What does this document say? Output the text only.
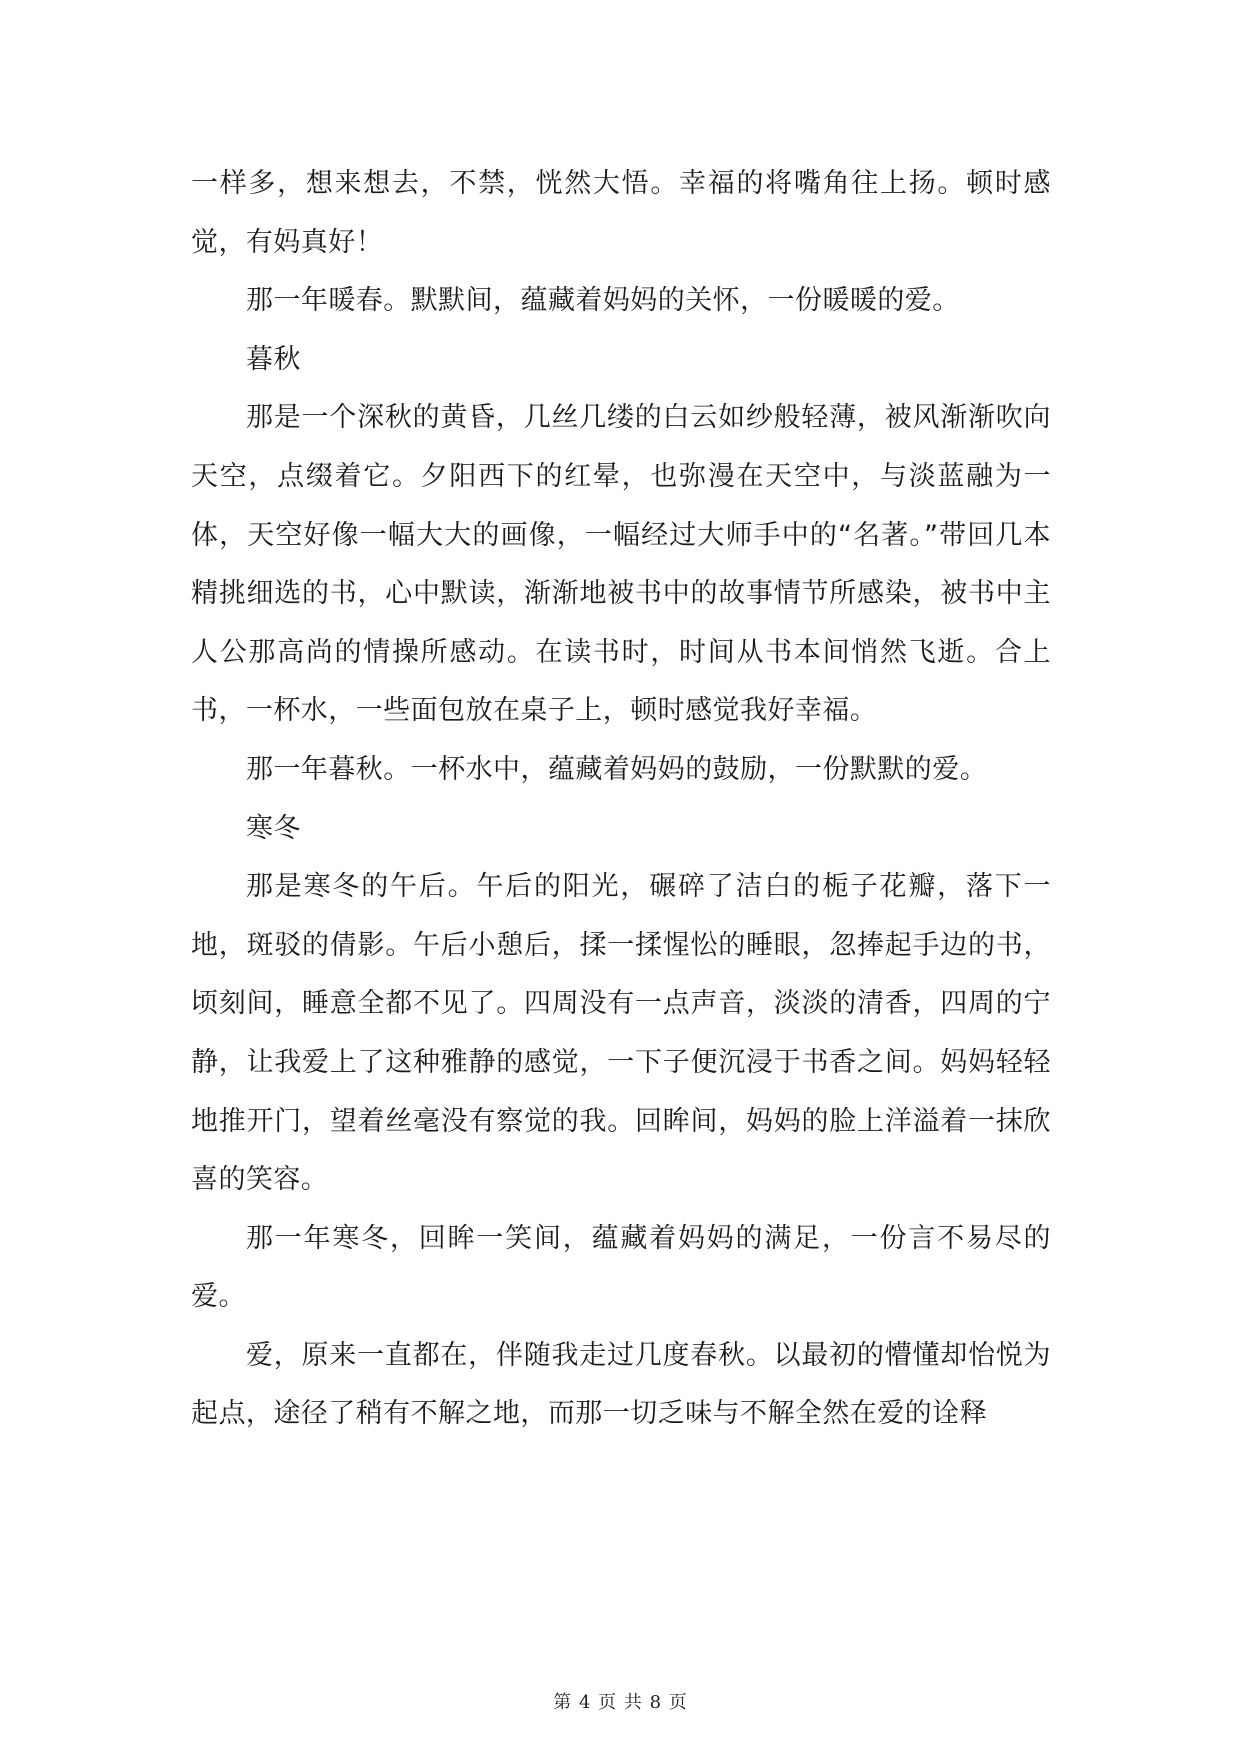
一样多，想来想去，不禁，恍然大悟。幸福的将嘴角往上扬。顿时感觉，有妈真好！

那一年暖春。默默间，蕴藏着妈妈的关怀，一份暖暖的爱。

暮秋

那是一个深秋的黄昏，几丝几缕的白云如纱般轻薄，被风渐渐吹向天空，点缀着它。夕阳西下的红晕，也弥漫在天空中，与淡蓝融为一体，天空好像一幅大大的画像，一幅经过大师手中的“名著。”带回几本精挑细选的书，心中默读，渐渐地被书中的故事情节所感染，被书中主人公那高尚的情操所感动。在读书时，时间从书本间悄然飞逝。合上书，一杯水，一些面包放在桌子上，顿时感觉我好幸福。

那一年暮秋。一杯水中，蕴藏着妈妈的鼓励，一份默默的爱。

寒冬

那是寒冬的午后。午后的阳光，碾碎了洁白的栀子花瓣，落下一地，斑驳的倩影。午后小憩后，揉一揉惺忪的睡眼，忽捧起手边的书，顷刻间，睡意全都不见了。四周没有一点声音，淡淡的清香，四周的宁静，让我爱上了这种雅静的感觉，一下子便沉浸于书香之间。妈妈轻轻地推开门，望着丝毫没有察觉的我。回眸间，妈妈的脸上洋溢着一抹欣喜的笑容。

那一年寒冬，回眸一笑间，蕴藏着妈妈的满足，一份言不易尽的爱。

爱，原来一直都在，伴随我走过几度春秋。以最初的懵懂却怡悦为起点，途径了稍有不解之地，而那一切乏味与不解全然在爱的诠释

第 4 页 共 8 页
